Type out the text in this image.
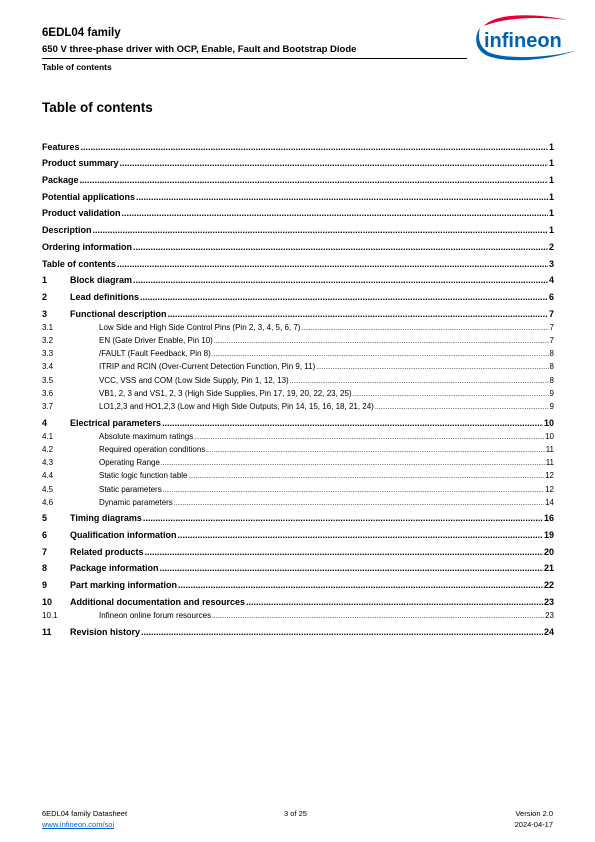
6EDL04 family
650 V three-phase driver with OCP, Enable, Fault and Bootstrap Diode
Table of contents
infineon
Table of contents
Features .....	1
Product summary .....	1
Package .....	1
Potential applications .....	1
Product validation .....	1
Description .....	1
Ordering information .....	2
Table of contents .....	3
1	Block diagram .....	4
2	Lead definitions .....	6
3	Functional description .....	7
3.1	Low Side and High Side Control Pins (Pin 2, 3, 4, 5, 6, 7) .....	7
3.2	EN (Gate Driver Enable, Pin 10) .....	7
3.3	/FAULT (Fault Feedback, Pin 8) .....	8
3.4	ITRIP and RCIN (Over-Current Detection Function, Pin 9, 11) .....	8
3.5	VCC, VSS and COM (Low Side Supply, Pin 1, 12, 13) .....	8
3.6	VB1, 2, 3 and VS1, 2, 3 (High Side Supplies, Pin 17, 19, 20, 22, 23, 25) .....	9
3.7	LO1,2,3 and HO1,2,3 (Low and High Side Outputs, Pin 14, 15, 16, 18, 21, 24) .....	9
4	Electrical parameters .....	10
4.1	Absolute maximum ratings .....	10
4.2	Required operation conditions .....	11
4.3	Operating Range .....	11
4.4	Static logic function table .....	12
4.5	Static parameters .....	12
4.6	Dynamic parameters .....	14
5	Timing diagrams .....	16
6	Qualification information .....	19
7	Related products .....	20
8	Package information .....	21
9	Part marking information .....	22
10	Additional documentation and resources .....	23
10.1	Infineon online forum resources .....	23
11	Revision history .....	24
6EDL04 family Datasheet
www.infineon.com/soi
3 of 25	Version 2.0
2024-04-17
